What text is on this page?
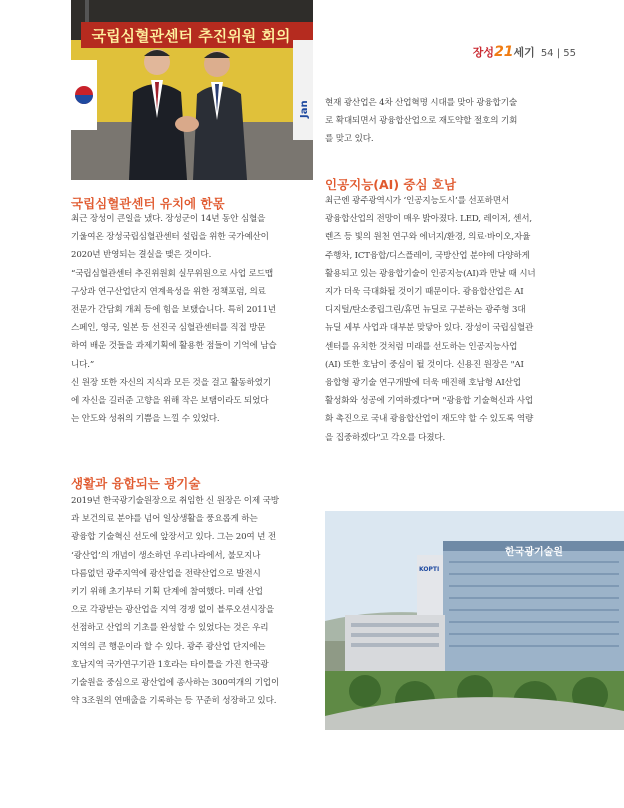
장성21세기 54 | 55
국립심혈관센터 추진위원 회의
Jan
국립심혈관센터 유치에 한몫

최근 장성이 큰일을 냈다. 장성군이 14년 동안 심혈을
기울여온 장성국립심혈관센터 설립을 위한 국가예산이
2020년 반영되는 결실을 맺은 것이다.
“국립심혈관센터 추진위원회 실무위원으로 사업 로드맵
구상과 연구산업단지 연계육성을 위한 정책포럼, 의료
전문가 간담회 개최 등에 힘을 보탰습니다. 특히 2011년
스페인, 영국, 일본 등 선진국 심혈관센터를 직접 방문
하여 배운 것들을 과제기획에 활용한 점들이 기억에 남습
니다.”
신 원장 또한 자신의 지식과 모든 것을 걸고 활동하였기
에 자신을 길러준 고향을 위해 작은 보탬이라도 되었다
는 안도와 성취의 기쁨을 느낄 수 있었다.

생활과 융합되는 광기술

2019년 한국광기술원장으로 취임한 신 원장은 이제 국방
과 보건의료 분야를 넘어 일상생활을 풍요롭게 하는
광융합 기술혁신 선도에 앞장서고 있다. 그는 20여 년 전
‘광산업’의 개념이 생소하던 우리나라에서, 불모지나
다름없던 광주지역에 광산업을 전략산업으로 발전시
키기 위해 초기부터 기획 단계에 참여했다. 미래 산업
으로 각광받는 광산업을 지역 경쟁 없이 블루오션시장을
선점하고 산업의 기초를 완성할 수 있었다는 것은 우리
지역의 큰 행운이라 할 수 있다. 광주 광산업 단지에는
호남지역 국가연구기관 1호라는 타이틀을 가진 한국광
기술원을 중심으로 광산업에 종사하는 300여개의 기업이
약 3조원의 연매출을 기록하는 등 꾸준히 성장하고 있다.

현재 광산업은 4차 산업혁명 시대를 맞아 광융합기술
로 확대되면서 광융합산업으로 재도약할 절호의 기회
를 맞고 있다.

인공지능(AI) 중심 호남

최근엔 광주광역시가 ‘인공지능도시’를 선포하면서
광융합산업의 전망이 매우 밝아졌다. LED, 레이저, 센서,
렌즈 등 빛의 원천 연구와 에너지/환경, 의료·바이오,자율
주행차, ICT융합/디스플레이, 국방산업 분야에 다양하게
활용되고 있는 광융합기술이 인공지능(AI)과 만날 때 시너
지가 더욱 극대화될 것이기 때문이다. 광융합산업은 AI
디지털/탄소중립그린/휴먼 뉴딜로 구분하는 광주형 3대
뉴딜 세부 사업과 대부분 맞닿아 있다. 장성이 국립심혈관
센터를 유치한 것처럼 미래를 선도하는 인공지능사업
(AI) 또한 호남이 중심이 될 것이다. 신용진 원장은 "AI
융합형 광기술 연구개발에 더욱 매진해 호남형 AI산업
활성화와 성공에 기여하겠다"며 "광융합 기술혁신과 사업
화 촉진으로 국내 광융합산업이 재도약 할 수 있도록 역량
을 집중하겠다"고 각오를 다졌다.

한국광기술원
KOPTI
